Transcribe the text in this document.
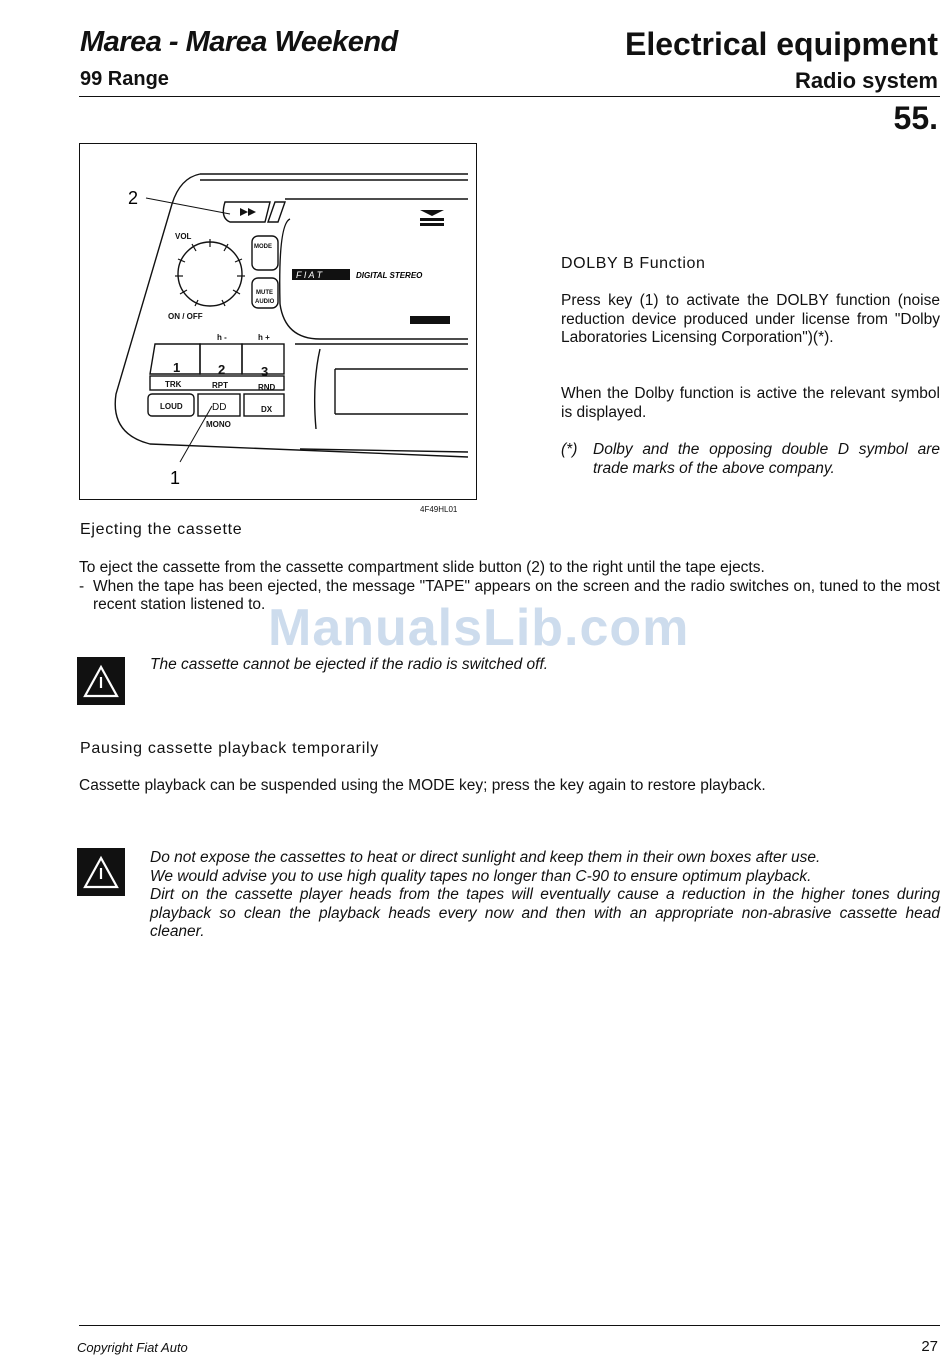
Marea - Marea Weekend
99 Range
Electrical equipment
Radio system
55.
F I A T	DIGITAL STEREO
VOL
ON / OFF
MODE
MUTE
AUDIO
h -	h +
1	2	3
TRK	RPT	RND
LOUD	DD	DX
MONO
2
1
4F49HL01
DOLBY B Function

Press key (1) to activate the DOLBY function (noise reduction device produced under license from "Dolby Laboratories Licensing Corporation")(*).

When the Dolby function is active the relevant symbol is displayed.

(*)	Dolby and the opposing double D symbol are trade marks of the above company.

Ejecting the cassette

To eject the cassette from the cassette compartment slide button (2) to the right until the tape ejects.

- When the tape has been ejected, the message "TAPE" appears on the screen and the radio switches on, tuned to the most recent station listened to. ManualsLib.com

The cassette cannot be ejected if the radio is switched off.

Pausing cassette playback temporarily

Cassette playback can be suspended using the MODE key; press the key again to restore playback.

Do not expose the cassettes to heat or direct sunlight and keep them in their own boxes after use.

We would advise you to use high quality tapes no longer than C-90 to ensure optimum playback.

Dirt on the cassette player heads from the tapes will eventually cause a reduction in the higher tones during playback so clean the playback heads every now and then with an appropriate non-abrasive cassette head cleaner.

Copyright Fiat Auto	27
